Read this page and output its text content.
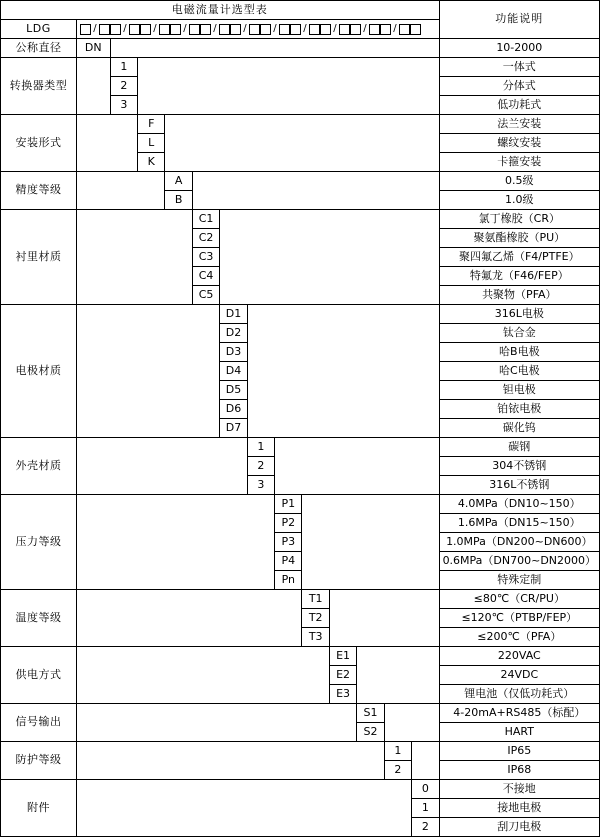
电磁流量计选型表														功能说明
LDG	/	/	/	/	/	/	/	/	/	/	/

公称直径	DN													10-2000
转换器类型		1												一体式
		2												分体式
		3												低功耗式
安装形式			F											法兰安装
			L											螺纹安装
			K											卡箍安装
精度等级				A										0.5级
				B										1.0级
衬里材质					C1									氯丁橡胶（CR）
					C2									聚氨酯橡胶（PU）
					C3									聚四氟乙烯（F4/PTFE）
					C4									特氟龙（F46/FEP）
					C5									共聚物（PFA）
电极材质						D1								316L电极
						D2								钛合金
						D3								哈B电极
						D4								哈C电极
						D5								钽电极
						D6								铂铱电极
						D7								碳化钨
外壳材质							1							碳钢
							2							304不锈钢
							3							316L不锈钢
压力等级								P1						4.0MPa（DN10~150）
								P2						1.6MPa（DN15~150）
								P3						1.0MPa（DN200~DN600）
								P4						0.6MPa（DN700~DN2000）
								Pn						特殊定制
温度等级									T1					≤80℃（CR/PU）
									T2					≤120℃（PTBP/FEP）
									T3					≤200℃（PFA）
供电方式										E1				220VAC
										E2				24VDC
										E3				锂电池（仅低功耗式）
信号输出											S1			4-20mA+RS485（标配）
											S2			HART
防护等级												1		IP65
												2		IP68
附件													0	不接地
													1	接地电极
													2	刮刀电极
